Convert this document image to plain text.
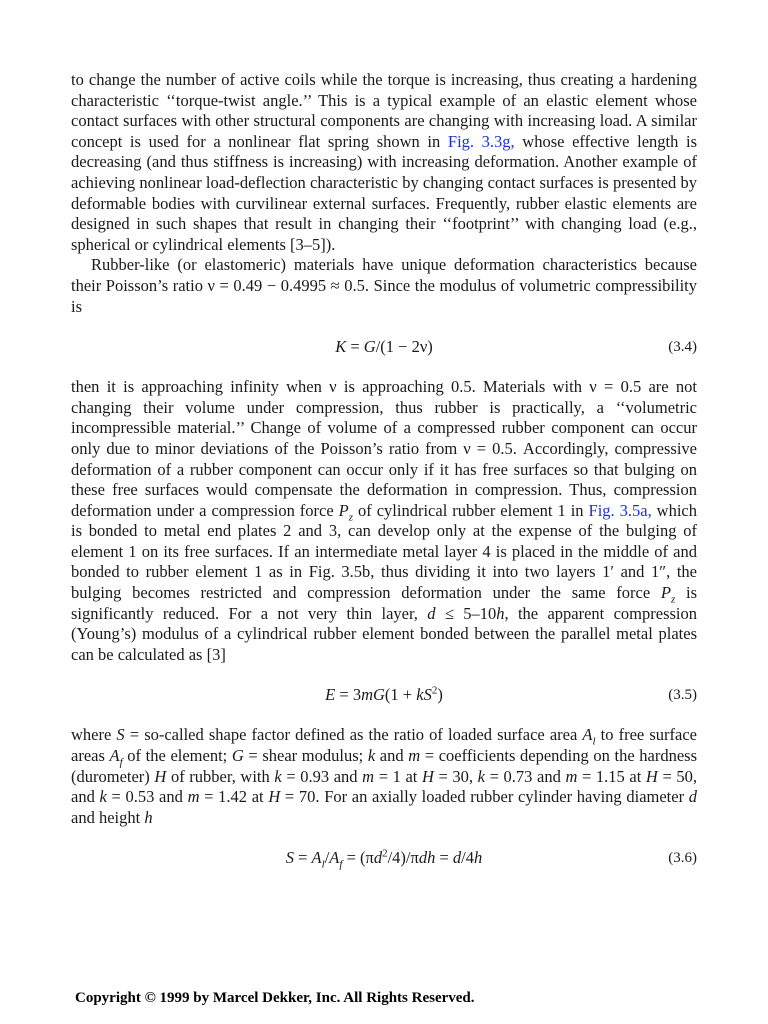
to change the number of active coils while the torque is increasing, thus creating a hardening characteristic ‘‘torque-twist angle.’’ This is a typical example of an elastic element whose contact surfaces with other structural components are changing with increasing load. A similar concept is used for a nonlinear flat spring shown in Fig. 3.3g, whose effective length is decreasing (and thus stiffness is increasing) with increasing deformation. Another example of achieving nonlinear load-deflection characteristic by changing contact surfaces is presented by deformable bodies with curvilinear external surfaces. Frequently, rubber elastic elements are designed in such shapes that result in changing their ‘‘footprint’’ with changing load (e.g., spherical or cylindrical elements [3–5]).

Rubber-like (or elastomeric) materials have unique deformation characteristics because their Poisson’s ratio ν = 0.49 − 0.4995 ≈ 0.5. Since the modulus of volumetric compressibility is

K = G/(1 − 2ν)	(3.4)

then it is approaching infinity when ν is approaching 0.5. Materials with ν = 0.5 are not changing their volume under compression, thus rubber is practically, a ‘‘volumetric incompressible material.’’ Change of volume of a compressed rubber component can occur only due to minor deviations of the Poisson’s ratio from ν = 0.5. Accordingly, compressive deformation of a rubber component can occur only if it has free surfaces so that bulging on these free surfaces would compensate the deformation in compression. Thus, compression deformation under a compression force $P_z$ of cylindrical rubber element 1 in Fig. 3.5a, which is bonded to metal end plates 2 and 3, can develop only at the expense of the bulging of element 1 on its free surfaces. If an intermediate metal layer 4 is placed in the middle of and bonded to rubber element 1 as in Fig. 3.5b, thus dividing it into two layers 1′ and 1″, the bulging becomes restricted and compression deformation under the same force $P_z$ is significantly reduced. For a not very thin layer, d ≤ 5–10h, the apparent compression (Young’s) modulus of a cylindrical rubber element bonded between the parallel metal plates can be calculated as [3]

$E = 3mG(1 + kS^2)$	(3.5)

where S = so-called shape factor defined as the ratio of loaded surface area $A_l$ to free surface areas $A_f$ of the element; G = shear modulus; k and m = coefficients depending on the hardness (durometer) H of rubber, with k = 0.93 and m = 1 at H = 30, k = 0.73 and m = 1.15 at H = 50, and k = 0.53 and m = 1.42 at H = 70. For an axially loaded rubber cylinder having diameter d and height h

$S = A_l/A_f = (\pi d^2/4)/\pi dh = d/4h$	(3.6)
Copyright © 1999 by Marcel Dekker, Inc. All Rights Reserved.
